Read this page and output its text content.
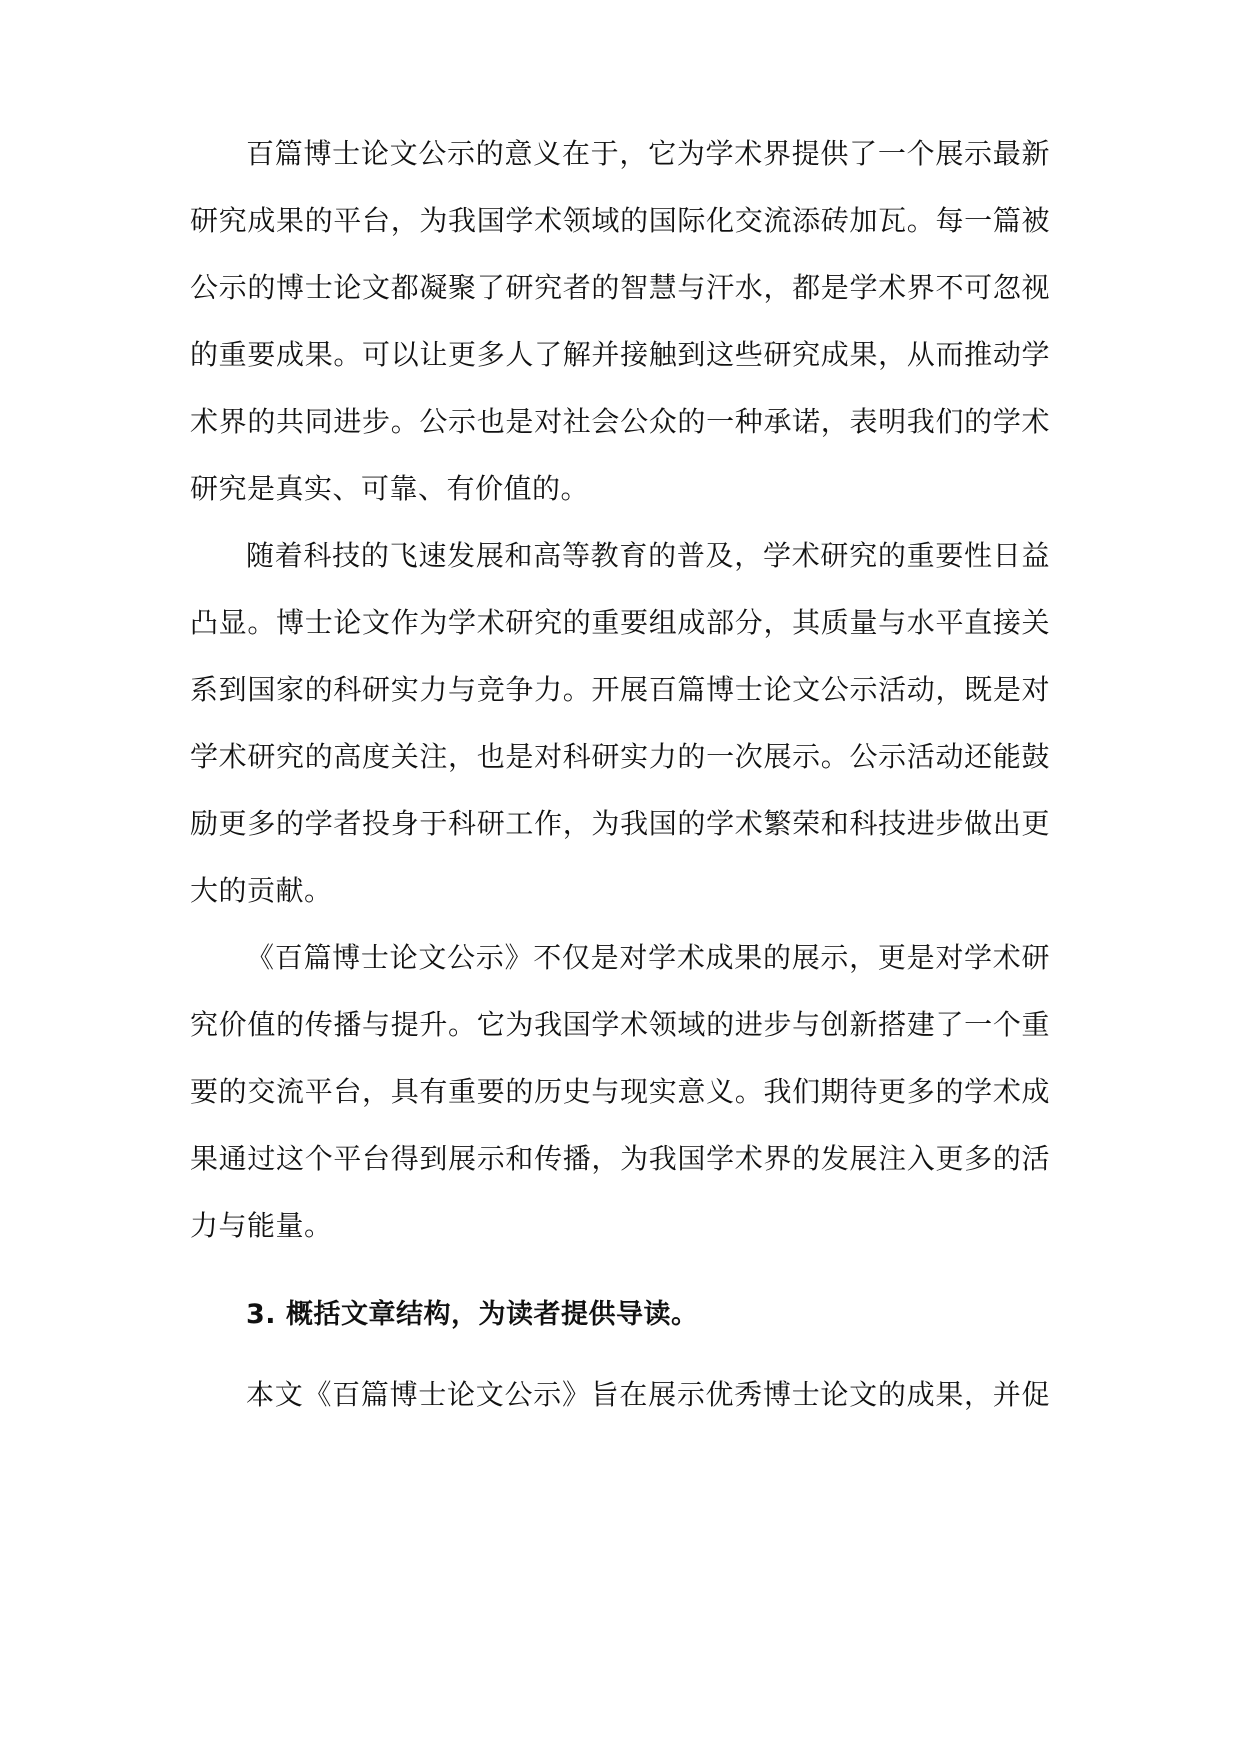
百篇博士论文公示的意义在于，它为学术界提供了一个展示最新
研究成果的平台，为我国学术领域的国际化交流添砖加瓦。每一篇被
公示的博士论文都凝聚了研究者的智慧与汗水，都是学术界不可忽视
的重要成果。可以让更多人了解并接触到这些研究成果，从而推动学
术界的共同进步。公示也是对社会公众的一种承诺，表明我们的学术
研究是真实、可靠、有价值的。
随着科技的飞速发展和高等教育的普及，学术研究的重要性日益
凸显。博士论文作为学术研究的重要组成部分，其质量与水平直接关
系到国家的科研实力与竞争力。开展百篇博士论文公示活动，既是对
学术研究的高度关注，也是对科研实力的一次展示。公示活动还能鼓
励更多的学者投身于科研工作，为我国的学术繁荣和科技进步做出更
大的贡献。
《百篇博士论文公示》不仅是对学术成果的展示，更是对学术研
究价值的传播与提升。它为我国学术领域的进步与创新搭建了一个重
要的交流平台，具有重要的历史与现实意义。我们期待更多的学术成
果通过这个平台得到展示和传播，为我国学术界的发展注入更多的活
力与能量。
3. 概括文章结构，为读者提供导读。
本文《百篇博士论文公示》旨在展示优秀博士论文的成果，并促
